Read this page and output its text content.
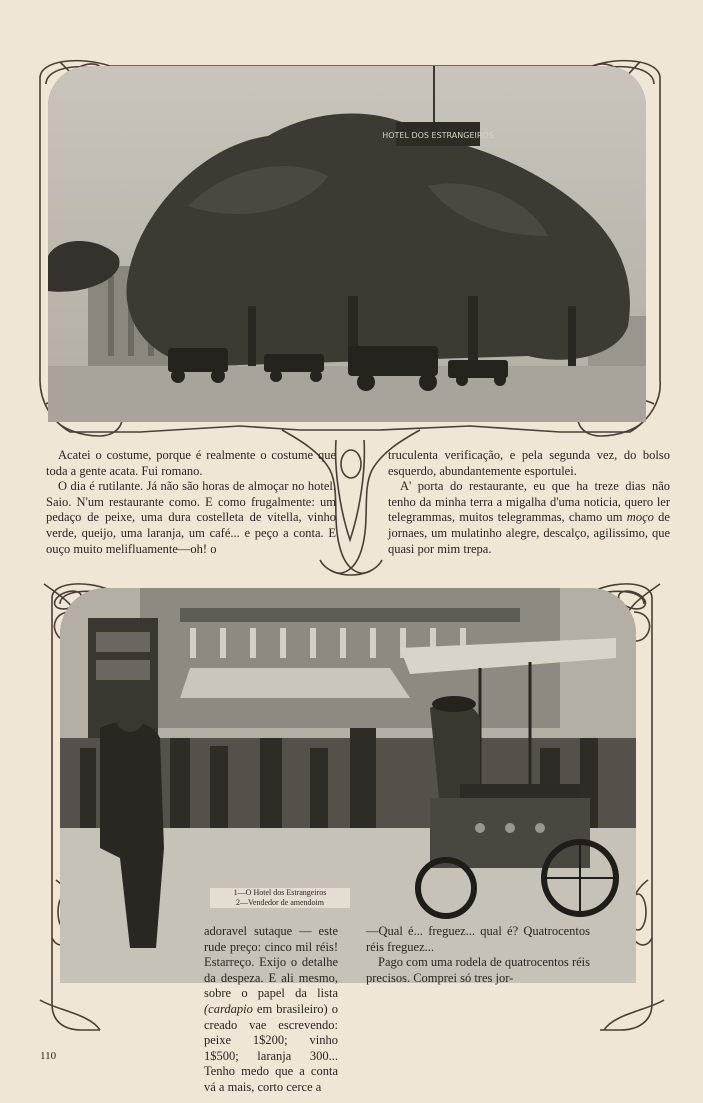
HOTEL DOS ESTRANGEIROS
1—O Hotel dos Estrangeiros
2—Vendedor de amendoim

Acatei o costume, porque é realmente o costume que toda a gente acata. Fui romano.

O dia é rutilante. Já não são horas de almoçar no hotel. Saio. N'um restaurante como. E como frugalmente: um pedaço de peixe, uma dura costelleta de vitella, vinho verde, queijo, uma laranja, um café... e peço a conta. E ouço muito melifluamente—oh! o

truculenta verificação, e pela segunda vez, do bolso esquerdo, abundantemente esportulei.

A' porta do restaurante, eu que ha treze dias não tenho da minha terra a migalha d'uma noticia, quero ler telegrammas, muitos telegrammas, chamo um moço de jornaes, um mulatinho alegre, descalço, agilissimo, que quasi por mim trepa.

adoravel sutaque — este rude preço: cinco mil réis! Estarreço. Exijo o detalhe da despeza. E ali mesmo, sobre o papel da lista (cardapio em brasileiro) o creado vae escrevendo: peixe 1$200; vinho 1$500; laranja 300... Tenho medo que a conta vá a mais, corto cerce a

—Qual é... freguez... qual é? Quatrocentos réis freguez...

Pago com uma rodela de quatrocentos réis precisos. Comprei só tres jor-

110
